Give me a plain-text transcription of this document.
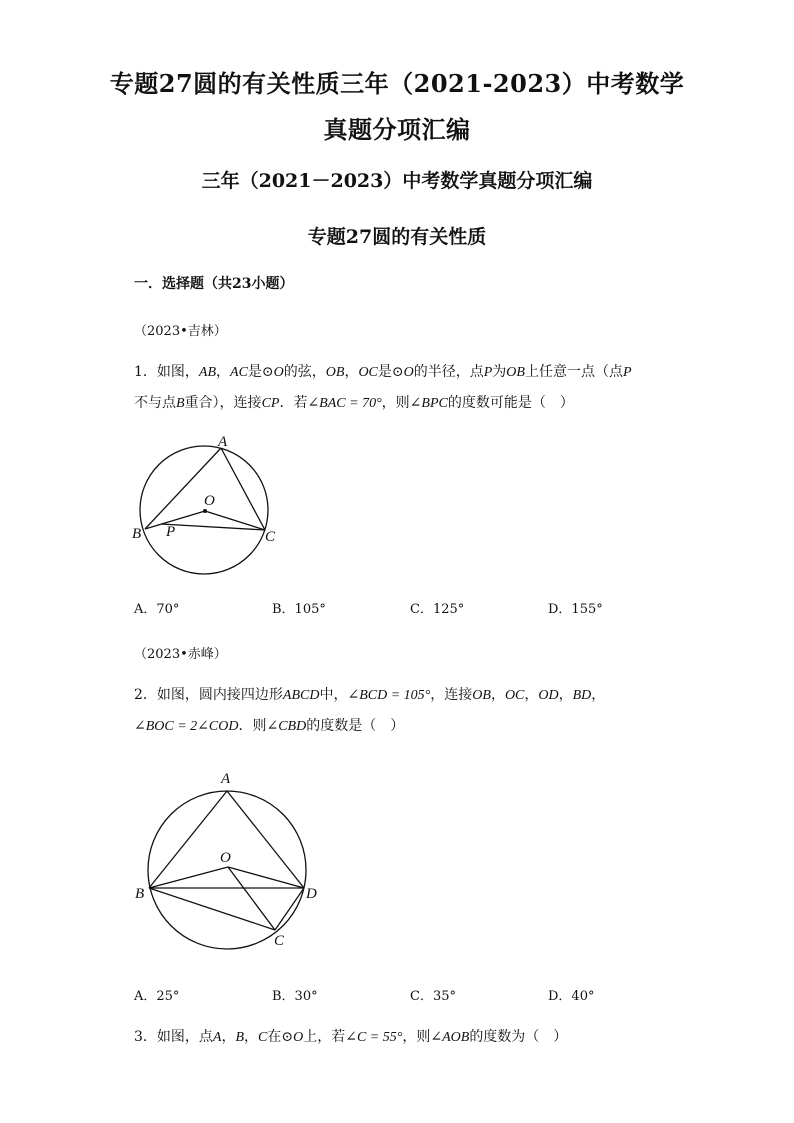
专题27圆的有关性质三年（2021-2023）中考数学
真题分项汇编
三年（2021－2023）中考数学真题分项汇编
专题27圆的有关性质
一．选择题（共23小题）
（2023•吉林）
1．如图，AB，AC是⊙O的弦，OB，OC是⊙O的半径，点P为OB上任意一点（点P
不与点B重合），连接CP．若∠BAC = 70°，则∠BPC的度数可能是（　）
A
O
B P	C
A．70°	B．105°	C．125°	D．155°
（2023•赤峰）
2．如图，圆内接四边形ABCD中，∠BCD = 105°，连接OB，OC，OD，BD，
∠BOC = 2∠COD．则∠CBD的度数是（　）
A
O
B	D
C
A．25°	B．30°	C．35°	D．40°
3．如图，点A，B，C在⊙O上，若∠C = 55°，则∠AOB的度数为（　）
